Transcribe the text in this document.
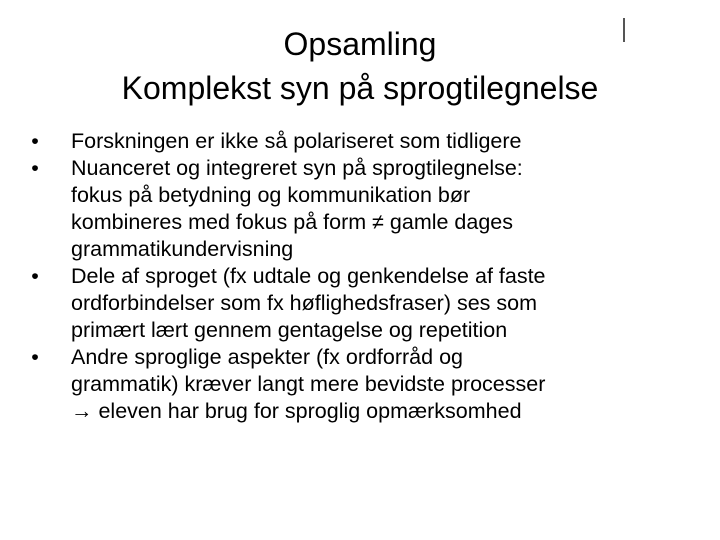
Opsamling
Komplekst syn på sprogtilegnelse
• Forskningen er ikke så polariseret som tidligere
• Nuanceret og integreret syn på sprogtilegnelse:
fokus på betydning og kommunikation bør
kombineres med fokus på form ≠ gamle dages
grammatikundervisning
• Dele af sproget (fx udtale og genkendelse af faste
ordforbindelser som fx høflighedsfraser) ses som
primært lært gennem gentagelse og repetition
• Andre sproglige aspekter (fx ordforråd og
grammatik) kræver langt mere bevidste processer
→ eleven har brug for sproglig opmærksomhed
